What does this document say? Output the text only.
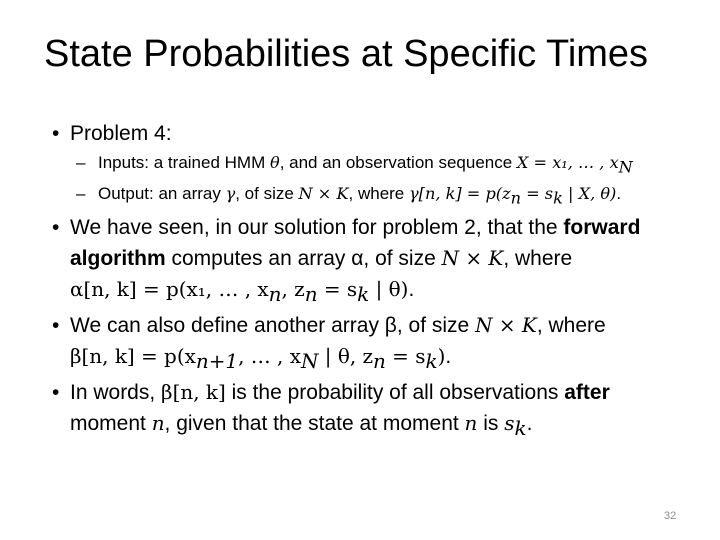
State Probabilities at Specific Times
• Problem 4:
– Inputs: a trained HMM θ, and an observation sequence X = x₁, … , $x_N$
– Output: an array γ, of size N × K, where γ[n, $k] = p(z_n = s_k$ | X, θ).
• We have seen, in our solution for problem 2, that the forward
algorithm computes an array α, of size N × K, where
α[n, k] = p(x₁, … , $x_n$, $z_n = s_k$ | θ).
• We can also define another array β, of size N × K, where
β[n, $k] = p(x_{n+1}$, … , $x_N$ | θ, $z_n = s_k$).
• In words, β[n, k] is the probability of all observations after
moment n, given that the state at moment n is $s_k$.
32
